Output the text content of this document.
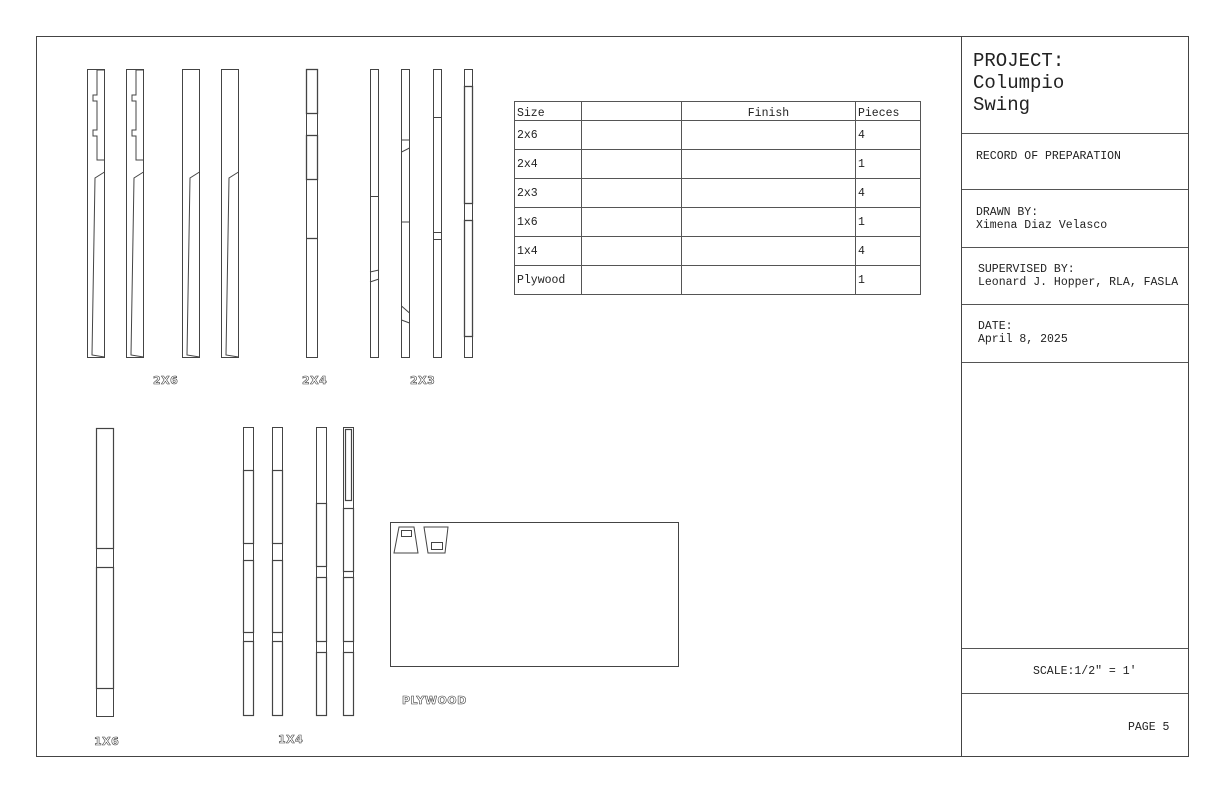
2X6	2X4	2X3
1X6	1X4
PLYWOOD
Size		Finish	Pieces
2x6			4
2x4			1
2x3			4
1x6			1
1x4			4
Plywood			1
PROJECT:
Columpio
Swing
RECORD OF PREPARATION
DRAWN BY:
Ximena Diaz Velasco
SUPERVISED BY:
Leonard J. Hopper, RLA, FASLA
DATE:
April 8, 2025
SCALE:1/2" = 1'
PAGE 5
